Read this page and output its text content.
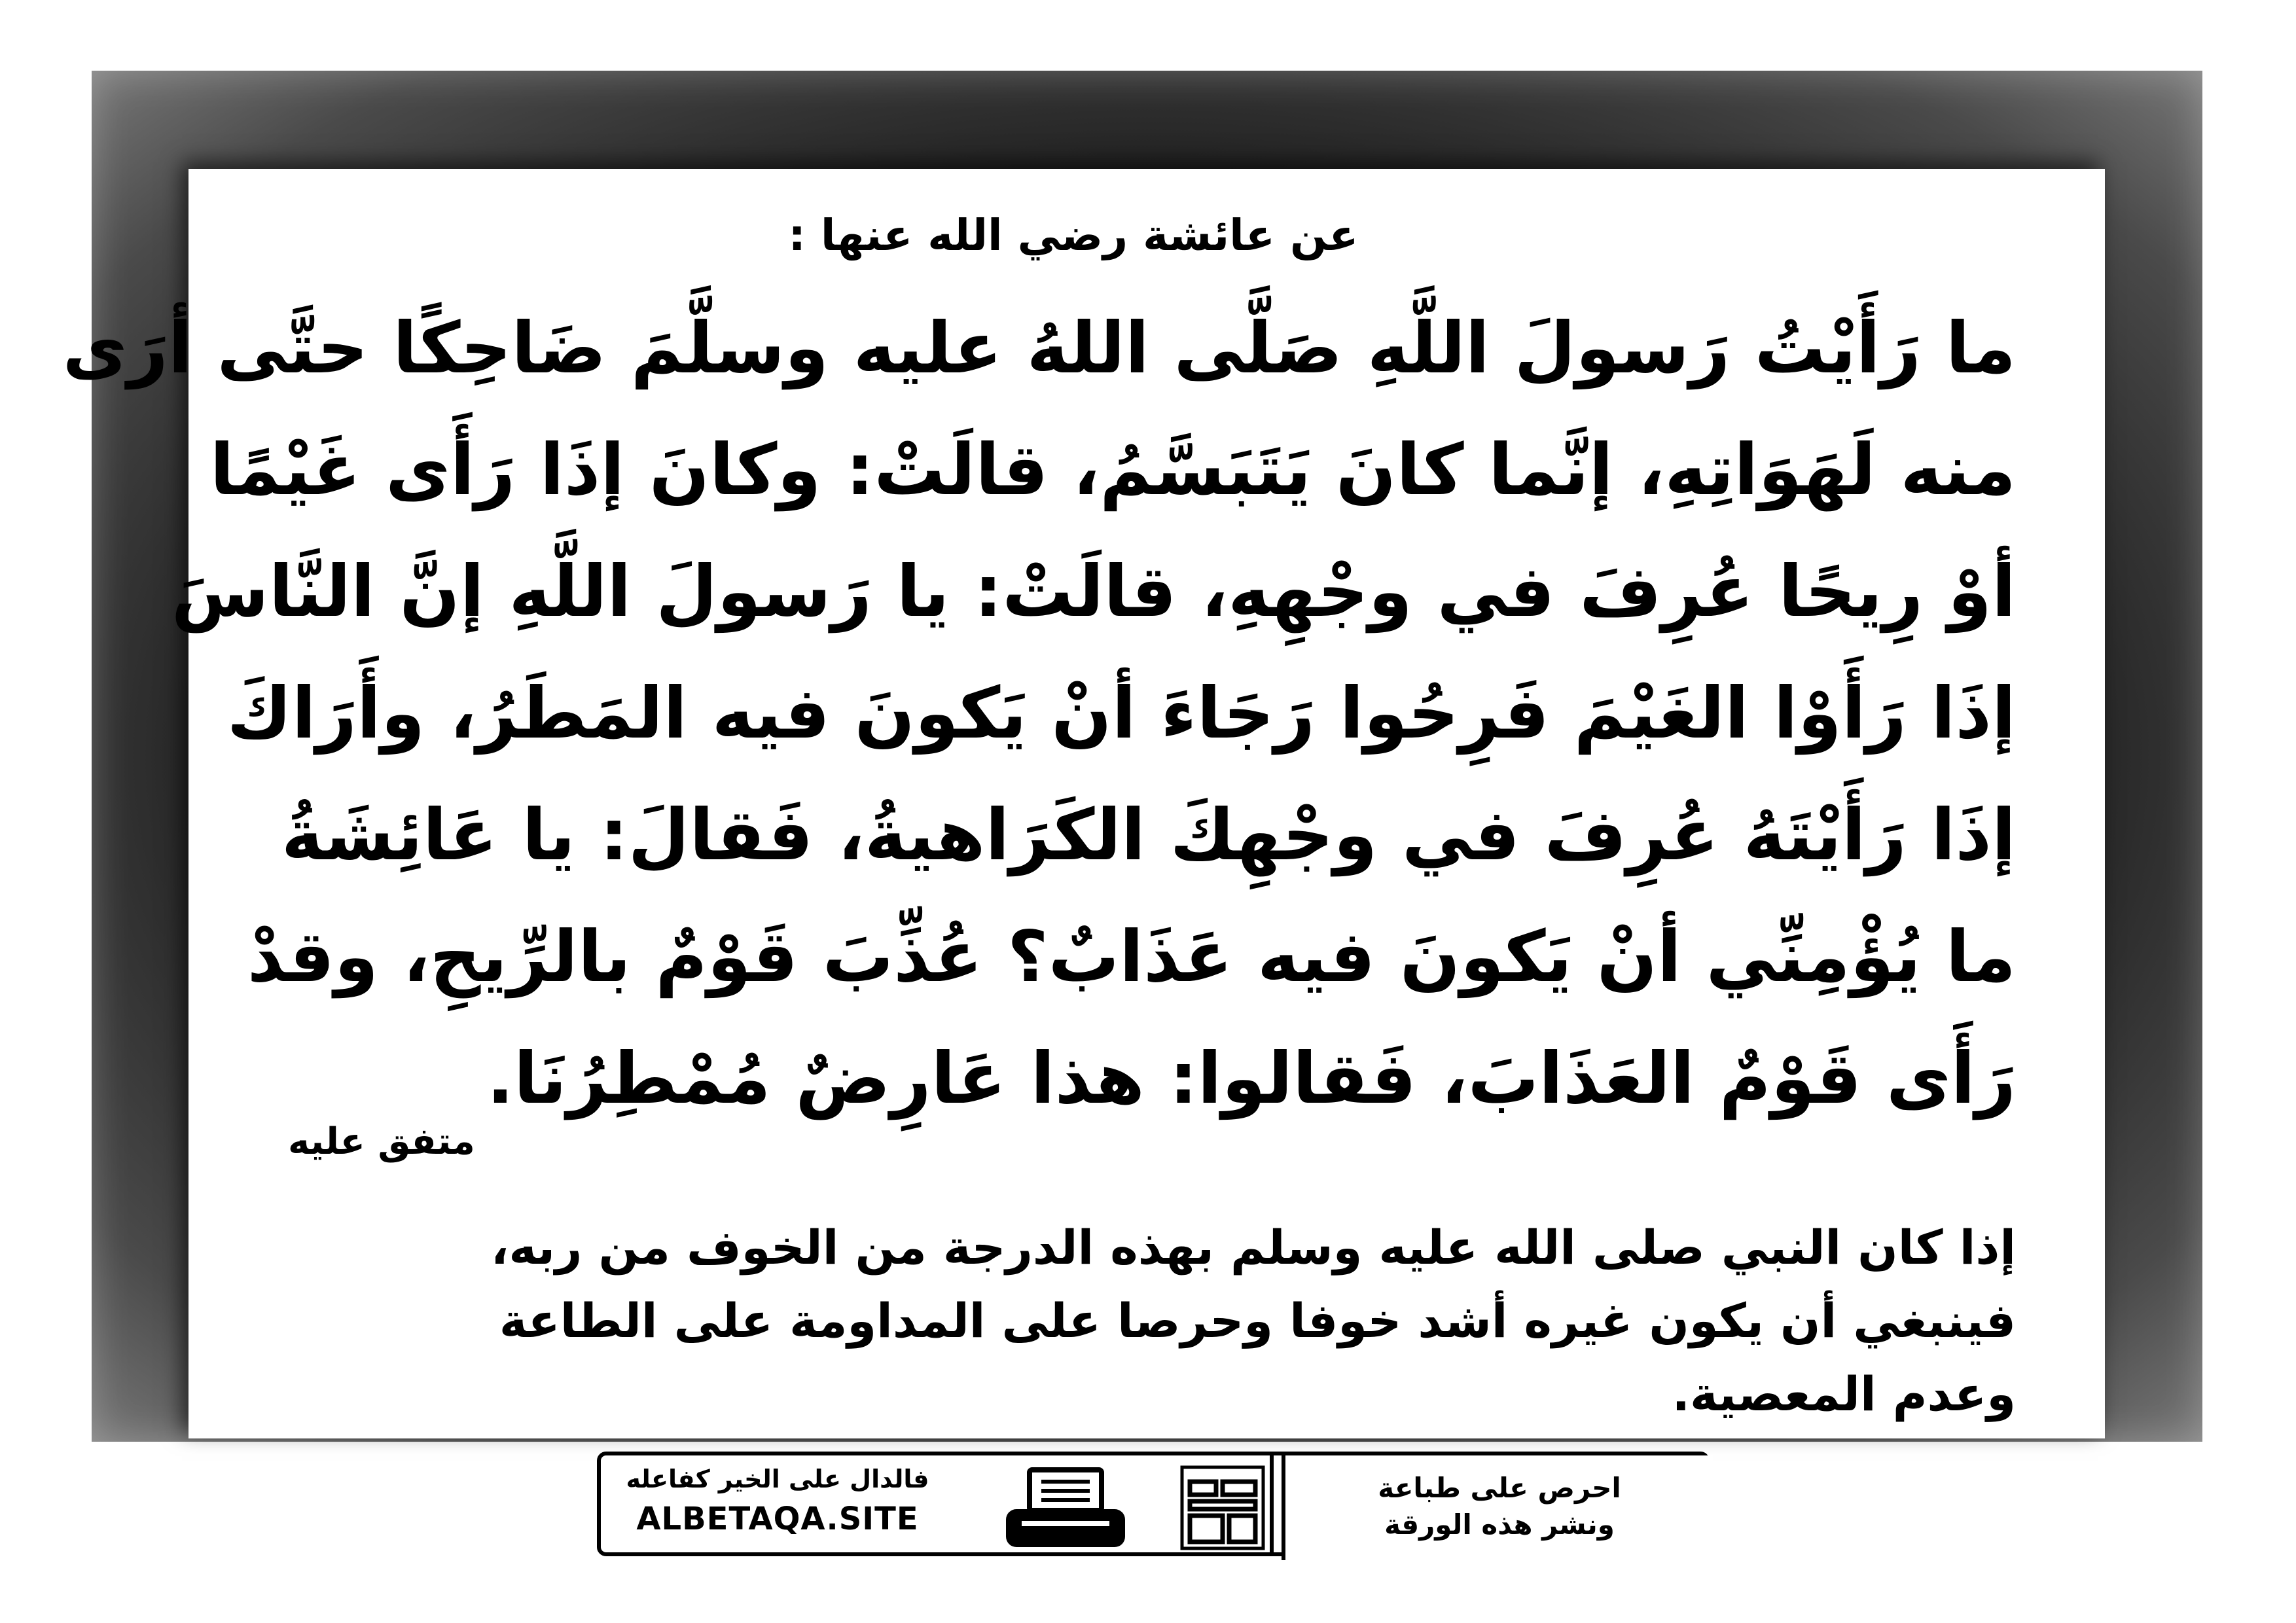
عن عائشة رضي الله عنها :
ما رَأَيْتُ رَسولَ اللَّهِ صَلَّى اللهُ عليه وسلَّمَ ضَاحِكًا حتَّى أرَى
منه لَهَوَاتِهِ، إنَّما كانَ يَتَبَسَّمُ، قالَتْ: وكانَ إذَا رَأَى غَيْمًا
أوْ رِيحًا عُرِفَ في وجْهِهِ، قالَتْ: يا رَسولَ اللَّهِ إنَّ النَّاسَ
إذَا رَأَوْا الغَيْمَ فَرِحُوا رَجَاءَ أنْ يَكونَ فيه المَطَرُ، وأَرَاكَ
إذَا رَأَيْتَهُ عُرِفَ في وجْهِكَ الكَرَاهيةُ، فَقالَ: يا عَائِشَةُ
ما يُؤْمِنِّي أنْ يَكونَ فيه عَذَابٌ؟ عُذِّبَ قَوْمٌ بالرِّيحِ، وقدْ
رَأَى قَوْمٌ العَذَابَ، فَقالوا: هذا عَارِضٌ مُمْطِرُنَا.
متفق عليه
إذا كان النبي صلى الله عليه وسلم بهذه الدرجة من الخوف من ربه،
فينبغي أن يكون غيره أشد خوفا وحرصا على المداومة على الطاعة
وعدم المعصية.
فالدال على الخير كفاعله
ALBETAQA.SITE
احرص على طباعة
ونشر هذه الورقة
